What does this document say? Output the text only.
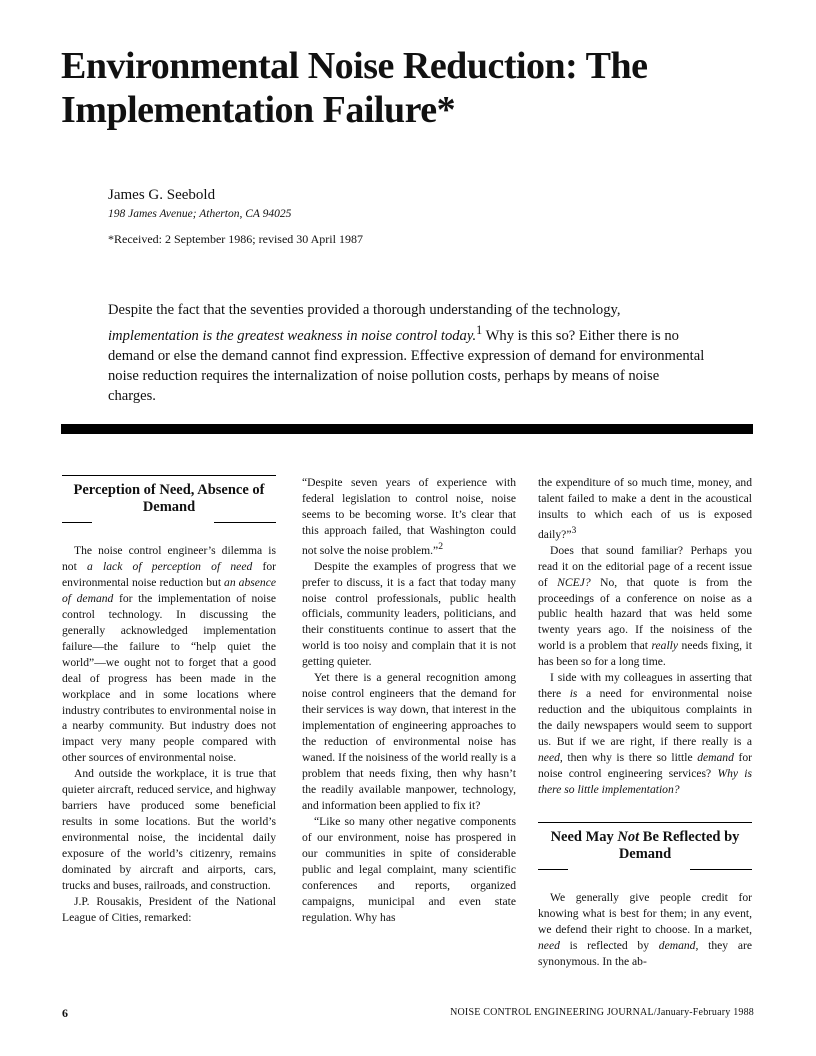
Environmental Noise Reduction: The Implementation Failure*
James G. Seebold
198 James Avenue; Atherton, CA 94025
*Received: 2 September 1986; revised 30 April 1987

Despite the fact that the seventies provided a thorough understanding of the technology, implementation is the greatest weakness in noise control today.$^1$ Why is this so? Either there is no demand or else the demand cannot find expression. Effective expression of demand for environmental noise reduction requires the internalization of noise pollution costs, perhaps by means of noise charges.

Perception of Need, Absence of Demand

The noise control engineer’s dilemma is not a lack of perception of need for environmental noise reduction but an absence of demand for the implementation of noise control technology. In discussing the generally acknowledged implementation failure—the failure to “help quiet the world”—we ought not to forget that a good deal of progress has been made in the workplace and in some locations where industry contributes to environmental noise in a nearby community. But industry does not impact very many people compared with other sources of environmental noise.

And outside the workplace, it is true that quieter aircraft, reduced service, and highway barriers have produced some beneficial results in some locations. But the world’s environmental noise, the incidental daily exposure of the world’s citizenry, remains dominated by aircraft and airports, cars, trucks and buses, railroads, and construction.

J.P. Rousakis, President of the National League of Cities, remarked:

“Despite seven years of experience with federal legislation to control noise, noise seems to be becoming worse. It’s clear that this approach failed, that Washington could not solve the noise problem.”$^2$

Despite the examples of progress that we prefer to discuss, it is a fact that today many noise control professionals, public health officials, community leaders, politicians, and their constituents continue to assert that the world is too noisy and complain that it is not getting quieter.

Yet there is a general recognition among noise control engineers that the demand for their services is way down, that interest in the implementation of engineering approaches to the reduction of environmental noise has waned. If the noisiness of the world really is a problem that needs fixing, then why hasn’t the readily available manpower, technology, and information been applied to fix it?

“Like so many other negative components of our environment, noise has prospered in our communities in spite of considerable public and legal complaint, many scientific conferences and reports, organized campaigns, municipal and even state regulation. Why has

the expenditure of so much time, money, and talent failed to make a dent in the acoustical insults to which each of us is exposed daily?”$^3$

Does that sound familiar? Perhaps you read it on the editorial page of a recent issue of NCEJ? No, that quote is from the proceedings of a conference on noise as a public health hazard that was held some twenty years ago. If the noisiness of the world is a problem that really needs fixing, it has been so for a long time.

I side with my colleagues in asserting that there is a need for environmental noise reduction and the ubiquitous complaints in the daily newspapers would seem to support us. But if we are right, if there really is a need, then why is there so little demand for noise control engineering services? Why is there so little implementation?

Need May Not Be Reflected by Demand

We generally give people credit for knowing what is best for them; in any event, we defend their right to choose. In a market, need is reflected by demand, they are synonymous. In the ab-

6	NOISE CONTROL ENGINEERING JOURNAL/January-February 1988
